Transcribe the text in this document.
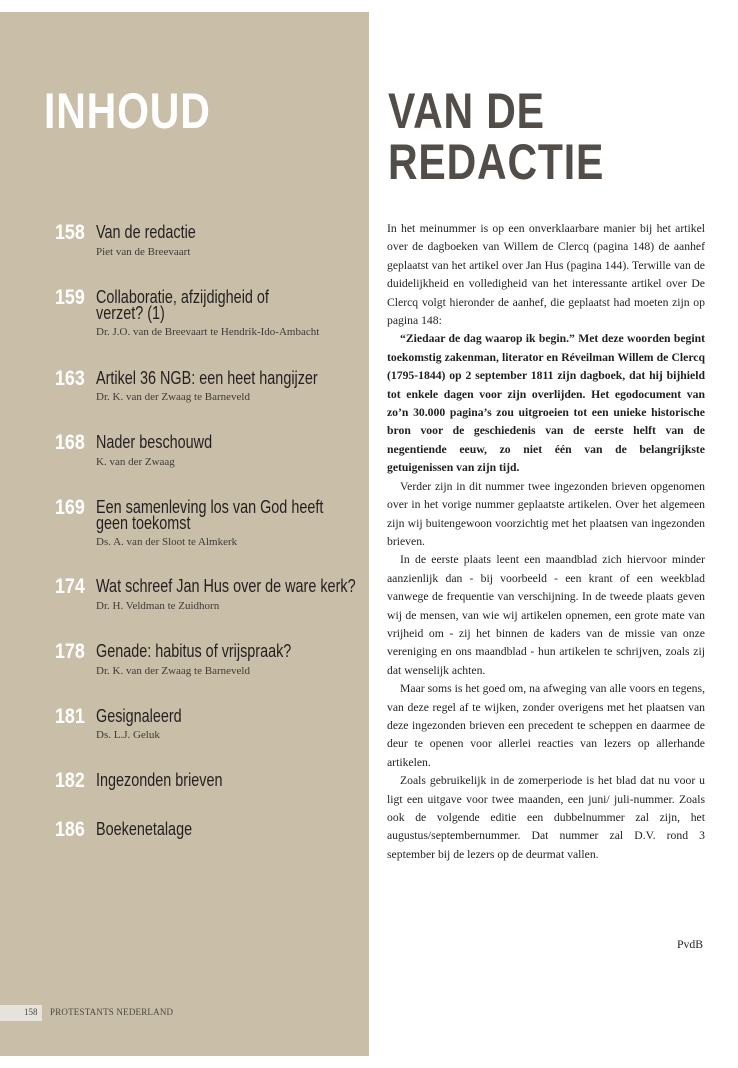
INHOUD
158 Van de redactie
Piet van de Breevaart
159 Collaboratie, afzijdigheid of verzet? (1)
Dr. J.O. van de Breevaart te Hendrik-Ido-Ambacht
163 Artikel 36 NGB: een heet hangijzer
Dr. K. van der Zwaag te Barneveld
168 Nader beschouwd
K. van der Zwaag
169 Een samenleving los van God heeft geen toekomst
Ds. A. van der Sloot te Almkerk
174 Wat schreef Jan Hus over de ware kerk?
Dr. H. Veldman te Zuidhorn
178 Genade: habitus of vrijspraak?
Dr. K. van der Zwaag te Barneveld
181 Gesignaleerd
Ds. L.J. Geluk
182 Ingezonden brieven
186 Boekenetalage
158 PROTESTANTS NEDERLAND
VAN DE
REDACTIE

In het meinummer is op een onverklaarbare manier bij het artikel over de dagboeken van Willem de Clercq (pagina 148) de aanhef geplaatst van het artikel over Jan Hus (pagina 144). Terwille van de duidelijkheid en volledigheid van het interessante artikel over De Clercq volgt hieronder de aanhef, die geplaatst had moeten zijn op pagina 148:

“Ziedaar de dag waarop ik begin.” Met deze woorden begint toekomstig zakenman, literator en Réveilman Willem de Clercq (1795-1844) op 2 september 1811 zijn dagboek, dat hij bijhield tot enkele dagen voor zijn overlijden. Het egodocument van zo’n 30.000 pagina’s zou uitgroeien tot een unieke historische bron voor de geschiedenis van de eerste helft van de negentiende eeuw, zo niet één van de belangrijkste getuigenissen van zijn tijd.

Verder zijn in dit nummer twee ingezonden brieven opgenomen over in het vorige nummer geplaatste artikelen. Over het algemeen zijn wij buitengewoon voorzichtig met het plaatsen van ingezonden brieven.

In de eerste plaats leent een maandblad zich hiervoor minder aanzienlijk dan - bij voorbeeld - een krant of een weekblad vanwege de frequentie van verschijning. In de tweede plaats geven wij de mensen, van wie wij artikelen opnemen, een grote mate van vrijheid om - zij het binnen de kaders van de missie van onze vereniging en ons maandblad - hun artikelen te schrijven, zoals zij dat wenselijk achten.

Maar soms is het goed om, na afweging van alle voors en tegens, van deze regel af te wijken, zonder overigens met het plaatsen van deze ingezonden brieven een precedent te scheppen en daarmee de deur te openen voor allerlei reacties van lezers op allerhande artikelen.

Zoals gebruikelijk in de zomerperiode is het blad dat nu voor u ligt een uitgave voor twee maanden, een juni/ juli-nummer. Zoals ook de volgende editie een dubbelnummer zal zijn, het augustus/septembernummer. Dat nummer zal D.V. rond 3 september bij de lezers op de deurmat vallen.

PvdB
